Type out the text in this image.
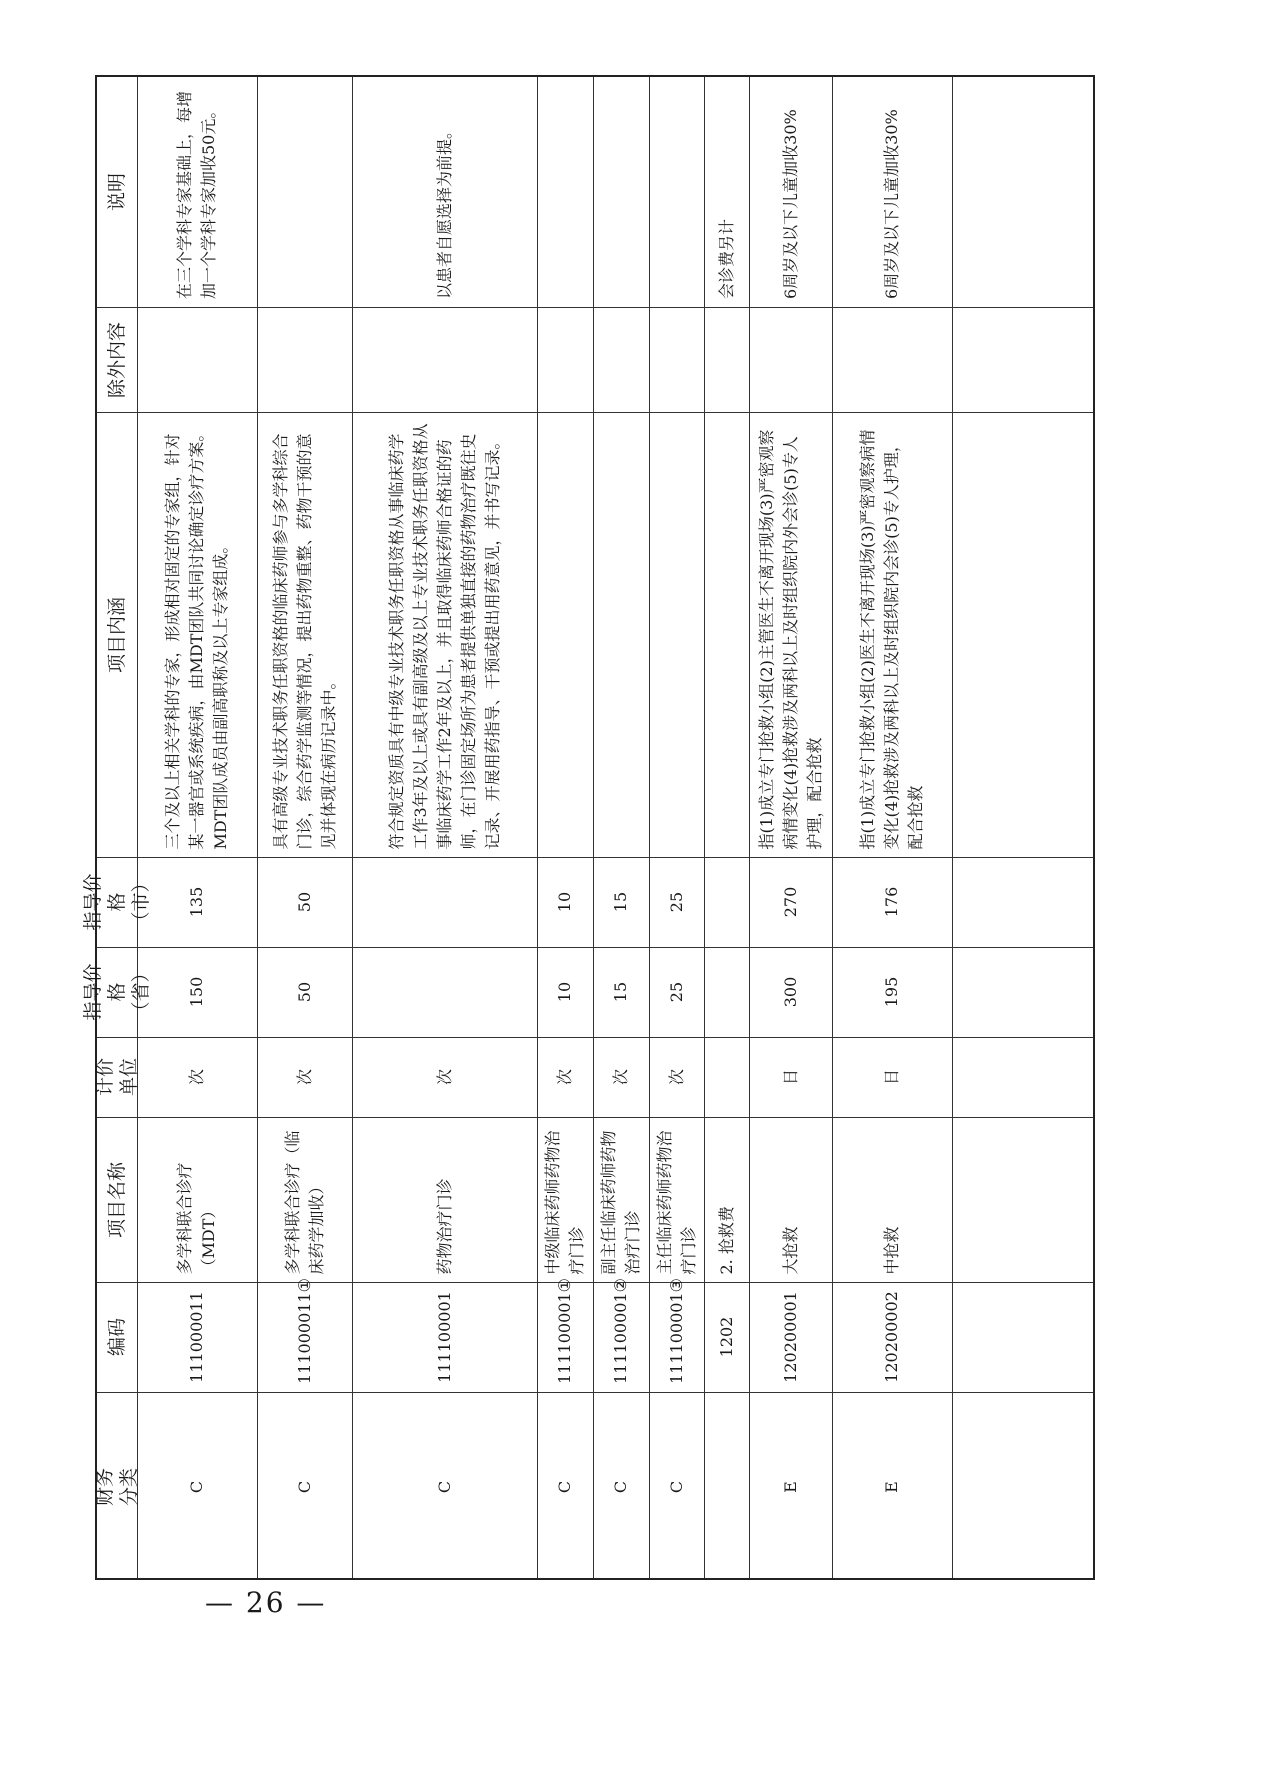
财务
分类
编码
项目名称
计价
单位
指导价格
（省）
指导价格
（市）
项目内涵
除外内容
说明
C
111000011
多学科联合诊疗（MDT）
次
150
135
三个及以上相关学科的专家，形成相对固定的专家组，针对某一器官或系统疾病，由MDT团队共同讨论确定诊疗方案。MDT团队成员由副高职称及以上专家组成。
在三个学科专家基础上，每增加一个学科专家加收50元。
C
111000011①
多学科联合诊疗（临床药学加收）
次
50
50
具有高级专业技术职务任职资格的临床药师参与多学科综合门诊，综合药学监测等情况，提出药物重整、药物干预的意见并体现在病历记录中。
C
111100001
药物治疗门诊
次
符合规定资质具有中级专业技术职务任职资格从事临床药学工作3年及以上或具有副高级及以上专业技术职务任职资格从事临床药学工作2年及以上，并且取得临床药师合格证的药师，在门诊固定场所为患者提供单独直接的药物治疗既往史记录、开展用药指导、干预或提出用药意见，并书写记录。
以患者自愿选择为前提。
C
111100001①
中级临床药师药物治疗门诊
次
10
10
C
111100001②
副主任临床药师药物治疗门诊
次
15
15
C
111100001③
主任临床药师药物治疗门诊
次
25
25
1202
2. 抢救费
会诊费另计
E
120200001
大抢救
日
300
270
指(1)成立专门抢救小组(2)主管医生不离开现场(3)严密观察病情变化(4)抢救涉及两科以上及时组织院内外会诊(5)专人护理，配合抢救
6周岁及以下儿童加收30%
E
120200002
中抢救
日
195
176
指(1)成立专门抢救小组(2)医生不离开现场(3)严密观察病情变化(4)抢救涉及两科以上及时组织院内会诊(5)专人护理，配合抢救
6周岁及以下儿童加收30%
— 26 —
